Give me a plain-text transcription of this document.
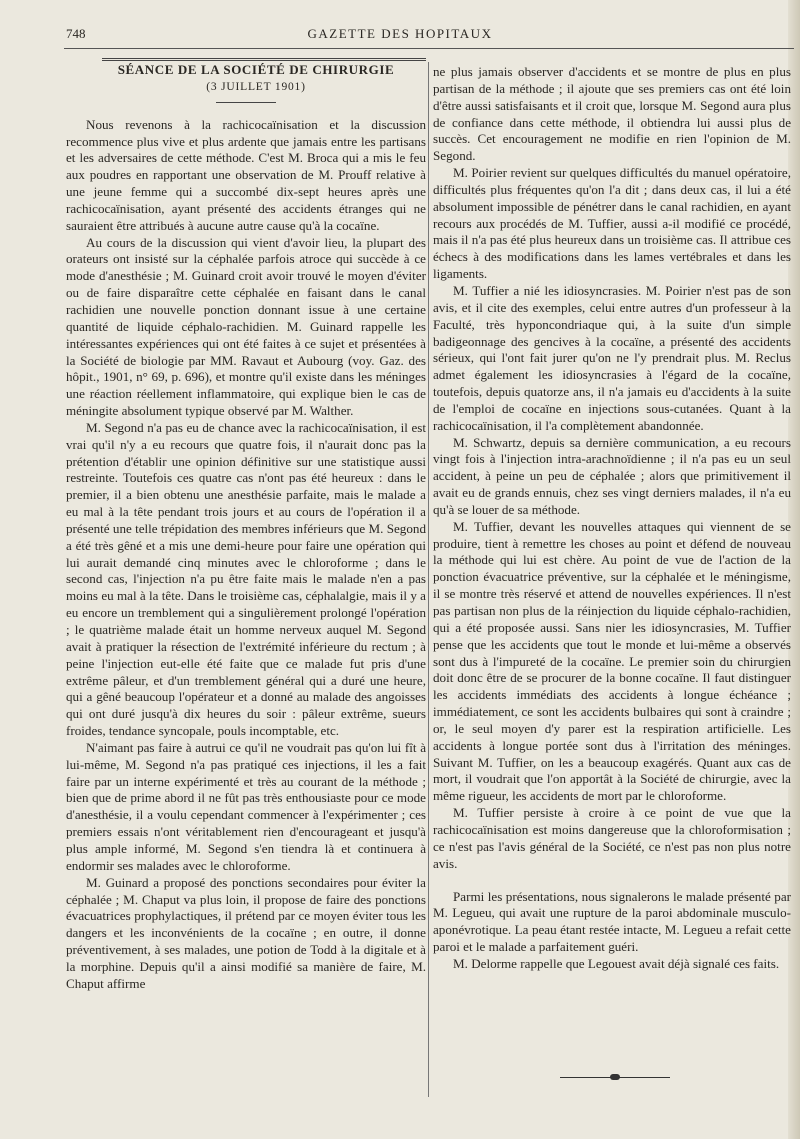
748	GAZETTE DES HOPITAUX

SÉANCE DE LA SOCIÉTÉ DE CHIRURGIE

(3 JUILLET 1901)

Nous revenons à la rachicocaïnisation et la discussion recommence plus vive et plus ardente que jamais entre les partisans et les adversaires de cette méthode. C'est M. Broca qui a mis le feu aux poudres en rapportant une observation de M. Prouff relative à une jeune femme qui a succombé dix-sept heures après une rachicocaïnisation, ayant présenté des accidents étranges qui ne sauraient être attribués à aucune autre cause qu'à la cocaïne.

Au cours de la discussion qui vient d'avoir lieu, la plupart des orateurs ont insisté sur la céphalée parfois atroce qui succède à ce mode d'anesthésie ; M. Guinard croit avoir trouvé le moyen d'éviter ou de faire disparaître cette céphalée en faisant dans le canal rachidien une nouvelle ponction donnant issue à une certaine quantité de liquide céphalo-rachidien. M. Guinard rappelle les intéressantes expériences qui ont été faites à ce sujet et présentées à la Société de biologie par MM. Ravaut et Aubourg (voy. Gaz. des hôpit., 1901, n° 69, p. 696), et montre qu'il existe dans les méninges une réaction réellement inflammatoire, qui explique bien le cas de méningite absolument typique observé par M. Walther.

M. Segond n'a pas eu de chance avec la rachicocaïnisation, il est vrai qu'il n'y a eu recours que quatre fois, il n'aurait donc pas la prétention d'établir une opinion définitive sur une statistique aussi restreinte. Toutefois ces quatre cas n'ont pas été heureux : dans le premier, il a bien obtenu une anesthésie parfaite, mais le malade a eu mal à la tête pendant trois jours et au cours de l'opération il a présenté une telle trépidation des membres inférieurs que M. Segond a été très gêné et a mis une demi-heure pour faire une opération qui lui aurait demandé cinq minutes avec le chloroforme ; dans le second cas, l'injection n'a pu être faite mais le malade n'en a pas moins eu mal à la tête. Dans le troisième cas, céphalalgie, mais il y a eu encore un tremblement qui a singulièrement prolongé l'opération ; le quatrième malade était un homme nerveux auquel M. Segond avait à pratiquer la résection de l'extrémité inférieure du rectum ; à peine l'injection eut-elle été faite que ce malade fut pris d'une extrême pâleur, et d'un tremblement général qui a duré une heure, qui a gêné beaucoup l'opérateur et a donné au malade des angoisses qui ont duré jusqu'à dix heures du soir : pâleur extrême, sueurs froides, tendance syncopale, pouls incomptable, etc.

N'aimant pas faire à autrui ce qu'il ne voudrait pas qu'on lui fît à lui-même, M. Segond n'a pas pratiqué ces injections, il les a fait faire par un interne expérimenté et très au courant de la méthode ; bien que de prime abord il ne fût pas très enthousiaste pour ce mode d'anesthésie, il a voulu cependant commencer à l'expérimenter ; ces premiers essais n'ont véritablement rien d'encourageant et jusqu'à plus ample informé, M. Segond s'en tiendra là et continuera à endormir ses malades avec le chloroforme.

M. Guinard a proposé des ponctions secondaires pour éviter la céphalée ; M. Chaput va plus loin, il propose de faire des ponctions évacuatrices prophylactiques, il prétend par ce moyen éviter tous les dangers et les inconvénients de la cocaïne ; en outre, il donne préventivement, à ses malades, une potion de Todd à la digitale et à la morphine. Depuis qu'il a ainsi modifié sa manière de faire, M. Chaput affirme

ne plus jamais observer d'accidents et se montre de plus en plus partisan de la méthode ; il ajoute que ses premiers cas ont été loin d'être aussi satisfaisants et il croit que, lorsque M. Segond aura plus de confiance dans cette méthode, il obtiendra lui aussi plus de succès. Cet encouragement ne modifie en rien l'opinion de M. Segond.

M. Poirier revient sur quelques difficultés du manuel opératoire, difficultés plus fréquentes qu'on l'a dit ; dans deux cas, il lui a été absolument impossible de pénétrer dans le canal rachidien, en ayant recours aux procédés de M. Tuffier, aussi a-il modifié ce procédé, mais il n'a pas été plus heureux dans un troisième cas. Il attribue ces échecs à des modifications dans les lames vertébrales et dans les ligaments.

M. Tuffier a nié les idiosyncrasies. M. Poirier n'est pas de son avis, et il cite des exemples, celui entre autres d'un professeur à la Faculté, très hyponcondriaque qui, à la suite d'un simple badigeonnage des gencives à la cocaïne, a présenté des accidents sérieux, qui l'ont fait jurer qu'on ne l'y prendrait plus. M. Reclus admet également les idiosyncrasies à l'égard de la cocaïne, toutefois, depuis quatorze ans, il n'a jamais eu d'accidents à la suite de l'emploi de cocaïne en injections sous-cutanées. Quant à la rachicocaïnisation, il l'a complètement abandonnée.

M. Schwartz, depuis sa dernière communication, a eu recours vingt fois à l'injection intra-arachnoïdienne ; il n'a pas eu un seul accident, à peine un peu de céphalée ; alors que primitivement il avait eu de grands ennuis, chez ses vingt derniers malades, il n'a eu qu'à se louer de sa méthode.

M. Tuffier, devant les nouvelles attaques qui viennent de se produire, tient à remettre les choses au point et défend de nouveau la méthode qui lui est chère. Au point de vue de l'action de la ponction évacuatrice préventive, sur la céphalée et le méningisme, il se montre très réservé et attend de nouvelles expériences. Il n'est pas partisan non plus de la réinjection du liquide céphalo-rachidien, qui a été proposée aussi. Sans nier les idiosyncrasies, M. Tuffier pense que les accidents que tout le monde et lui-même a observés sont dus à l'impureté de la cocaïne. Le premier soin du chirurgien doit donc être de se procurer de la bonne cocaïne. Il faut distinguer les accidents immédiats des accidents à longue échéance ; immédiatement, ce sont les accidents bulbaires qui sont à craindre ; or, le seul moyen d'y parer est la respiration artificielle. Les accidents à longue portée sont dus à l'irritation des méninges. Suivant M. Tuffier, on les a beaucoup exagérés. Quant aux cas de mort, il voudrait que l'on apportât à la Société de chirurgie, avec la même rigueur, les accidents de mort par le chloroforme.

M. Tuffier persiste à croire à ce point de vue que la rachicocaïnisation est moins dangereuse que la chloroformisation ; ce n'est pas l'avis général de la Société, ce n'est pas non plus notre avis.

Parmi les présentations, nous signalerons le malade présenté par M. Legueu, qui avait une rupture de la paroi abdominale musculo-aponévrotique. La peau étant restée intacte, M. Legueu a refait cette paroi et le malade a parfaitement guéri.

M. Delorme rappelle que Legouest avait déjà signalé ces faits.
